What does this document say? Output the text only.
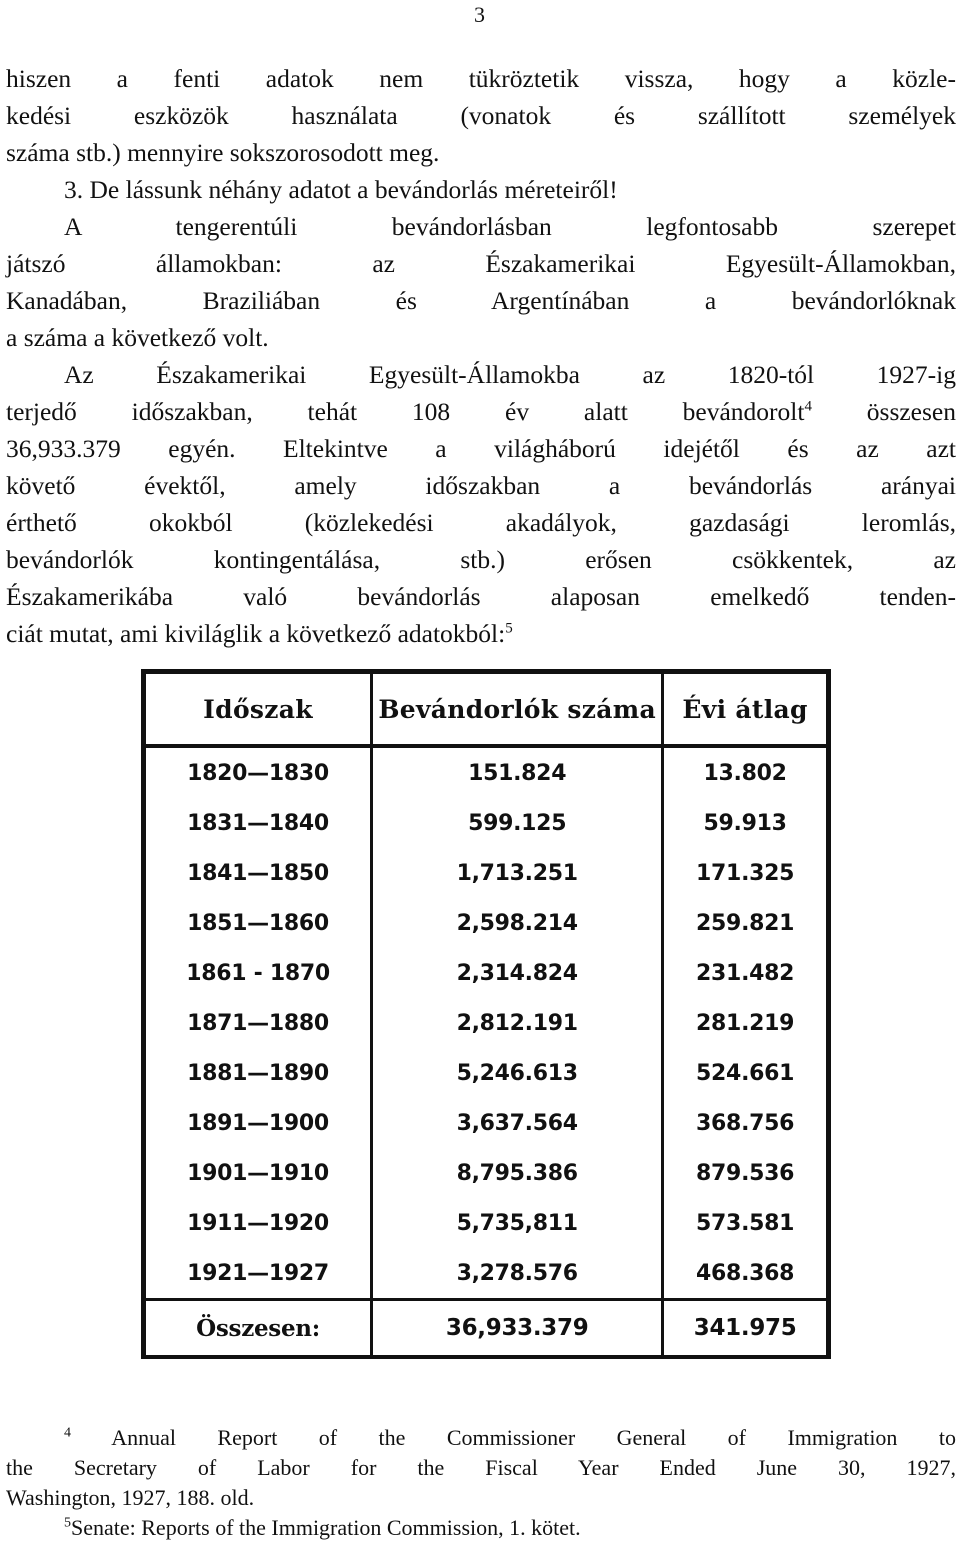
3

hiszen a fenti adatok nem tükröztetik vissza, hogy a közle-

kedési eszközök használata (vonatok és szállított személyek

száma stb.) mennyire sokszorosodott meg.

3. De lássunk néhány adatot a bevándorlás méreteiről!

A tengerentúli bevándorlásban legfontosabb szerepet

játszó államokban: az Északamerikai Egyesült-Államokban,

Kanadában, Braziliában és Argentínában a bevándorlóknak

a száma a következő volt.

Az Északamerikai Egyesült-Államokba az 1820-tól 1927-ig

terjedő időszakban, tehát 108 év alatt bevándorolt$^4$ összesen

36,933.379 egyén. Eltekintve a világháború idejétől és az azt

követő évektől, amely időszakban a bevándorlás arányai

érthető okokból (közlekedési akadályok, gazdasági leromlás,

bevándorlók kontingentálása, stb.) erősen csökkentek, az

Északamerikába való bevándorlás alaposan emelkedő tenden-

ciát mutat, ami kiviláglik a következő adatokból:$^5$

Időszak	Bevándorlók száma	Évi átlag
1820—1830	151.824	13.802
1831—1840	599.125	59.913
1841—1850	1,713.251	171.325
1851—1860	2,598.214	259.821
1861 - 1870	2,314.824	231.482
1871—1880	2,812.191	281.219
1881—1890	5,246.613	524.661
1891—1900	3,637.564	368.756
1901—1910	8,795.386	879.536
1911—1920	5,735,811	573.581
1921—1927	3,278.576	468.368
Összesen:	36,933.379	341.975

$^4$ Annual Report of the Commissioner General of Immigration to

the Secretary of Labor for the Fiscal Year Ended June 30, 1927,

Washington, 1927, 188. old.

$^5$Senate: Reports of the Immigration Commission, 1. kötet.
